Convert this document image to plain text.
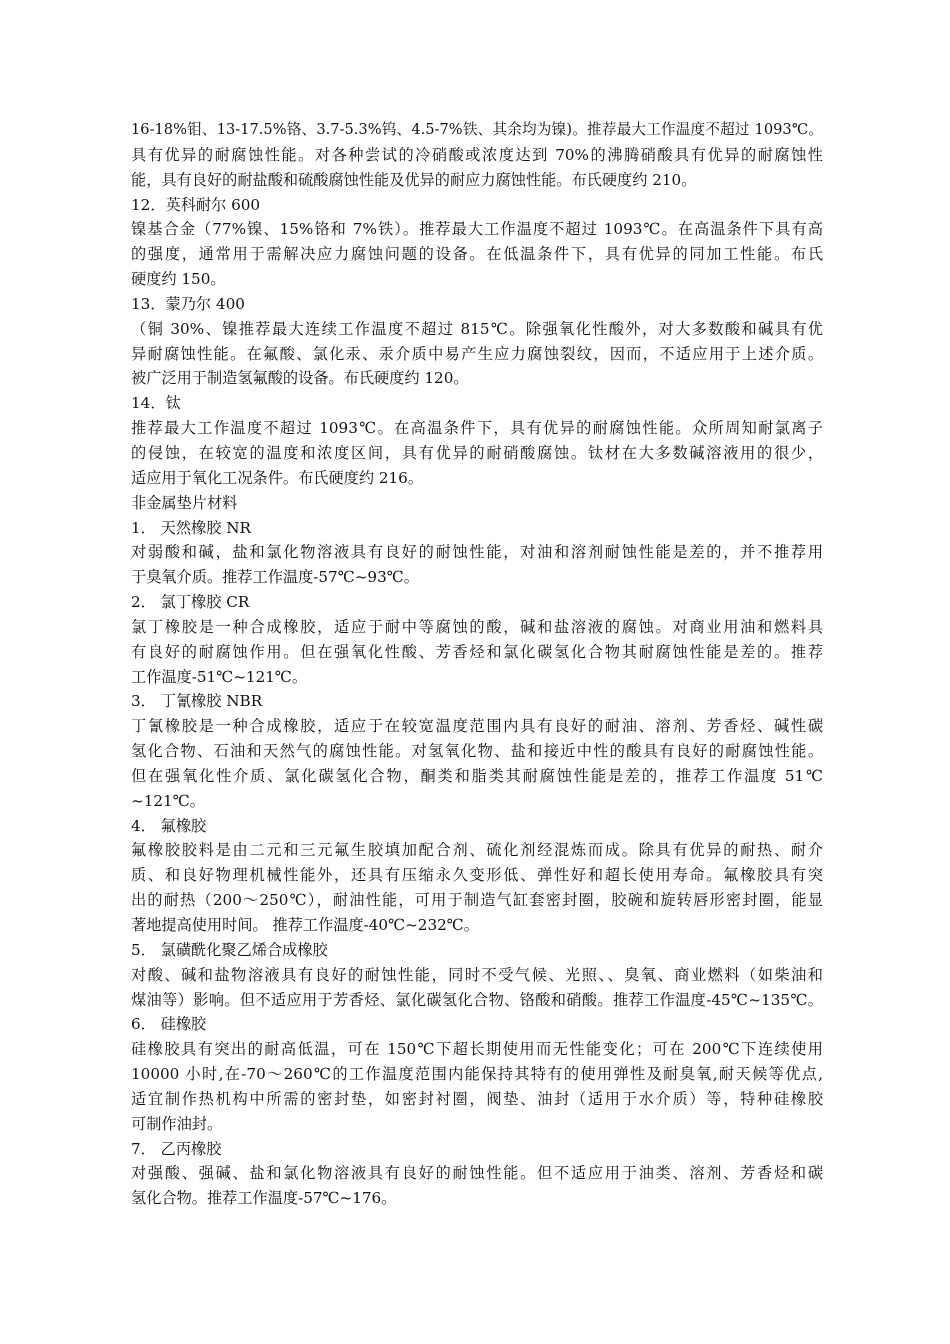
16-18%钼、13-17.5%铬、3.7-5.3%钨、4.5-7%铁、其余均为镍)。推荐最大工作温度不超过 1093℃。
具有优异的耐腐蚀性能。对各种尝试的冷硝酸或浓度达到 70%的沸腾硝酸具有优异的耐腐蚀性
能，具有良好的耐盐酸和硫酸腐蚀性能及优异的耐应力腐蚀性能。布氏硬度约 210。
12．英科耐尔 600
镍基合金（77%镍、15%铬和 7%铁）。推荐最大工作温度不超过 1093℃。在高温条件下具有高
的强度，通常用于需解决应力腐蚀问题的设备。在低温条件下，具有优异的同加工性能。布氏
硬度约 150。
13．蒙乃尔 400
（铜 30%、镍推荐最大连续工作温度不超过 815℃。除强氧化性酸外，对大多数酸和碱具有优
异耐腐蚀性能。在氟酸、氯化汞、汞介质中易产生应力腐蚀裂纹，因而，不适应用于上述介质。
被广泛用于制造氢氟酸的设备。布氏硬度约 120。
14．钛
推荐最大工作温度不超过 1093℃。在高温条件下，具有优异的耐腐蚀性能。众所周知耐氯离子
的侵蚀，在较宽的温度和浓度区间，具有优异的耐硝酸腐蚀。钛材在大多数碱溶液用的很少，
适应用于氧化工况条件。布氏硬度约 216。
非金属垫片材料
1． 天然橡胶 NR
对弱酸和碱，盐和氯化物溶液具有良好的耐蚀性能，对油和溶剂耐蚀性能是差的，并不推荐用
于臭氧介质。推荐工作温度-57℃~93℃。
2． 氯丁橡胶 CR
氯丁橡胶是一种合成橡胶，适应于耐中等腐蚀的酸，碱和盐溶液的腐蚀。对商业用油和燃料具
有良好的耐腐蚀作用。但在强氧化性酸、芳香烃和氯化碳氢化合物其耐腐蚀性能是差的。推荐
工作温度-51℃~121℃。
3． 丁氰橡胶 NBR
丁氰橡胶是一种合成橡胶，适应于在较宽温度范围内具有良好的耐油、溶剂、芳香烃、碱性碳
氢化合物、石油和天然气的腐蚀性能。对氢氧化物、盐和接近中性的酸具有良好的耐腐蚀性能。
但在强氧化性介质、氯化碳氢化合物，酮类和脂类其耐腐蚀性能是差的，推荐工作温度 51℃
~121℃。
4． 氟橡胶
氟橡胶胶料是由二元和三元氟生胶填加配合剂、硫化剂经混炼而成。除具有优异的耐热、耐介
质、和良好物理机械性能外，还具有压缩永久变形低、弹性好和超长使用寿命。氟橡胶具有突
出的耐热（200～250℃），耐油性能，可用于制造气缸套密封圈，胶碗和旋转唇形密封圈，能显
著地提高使用时间。 推荐工作温度-40℃~232℃。
5． 氯磺酰化聚乙烯合成橡胶
对酸、碱和盐物溶液具有良好的耐蚀性能，同时不受气候、光照、、臭氧、商业燃料（如柴油和
煤油等）影响。但不适应用于芳香烃、氯化碳氢化合物、铬酸和硝酸。推荐工作温度-45℃~135℃。
6． 硅橡胶
硅橡胶具有突出的耐高低温，可在 150℃下超长期使用而无性能变化；可在 200℃下连续使用
10000 小时,在-70～260℃的工作温度范围内能保持其特有的使用弹性及耐臭氧,耐天候等优点,
适宜制作热机构中所需的密封垫，如密封衬圈，阀垫、油封（适用于水介质）等，特种硅橡胶
可制作油封。
7． 乙丙橡胶
对强酸、强碱、盐和氯化物溶液具有良好的耐蚀性能。但不适应用于油类、溶剂、芳香烃和碳
氢化合物。推荐工作温度-57℃~176。
